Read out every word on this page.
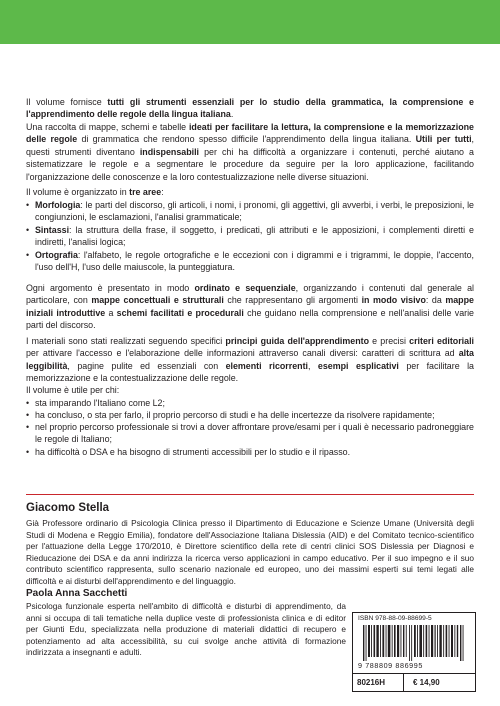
Il volume fornisce tutti gli strumenti essenziali per lo studio della grammatica, la comprensione e l'apprendimento delle regole della lingua italiana.

Una raccolta di mappe, schemi e tabelle ideati per facilitare la lettura, la comprensione e la memorizzazione delle regole di grammatica che rendono spesso difficile l'apprendimento della lingua italiana. Utili per tutti, questi strumenti diventano indispensabili per chi ha difficoltà a organizzare i contenuti, perché aiutano a sistematizzare le regole e a segmentare le procedure da seguire per la loro applicazione, facilitando l'organizzazione delle conoscenze e la loro contestualizzazione nelle diverse situazioni.

Il volume è organizzato in tre aree:

• Morfologia: le parti del discorso, gli articoli, i nomi, i pronomi, gli aggettivi, gli avverbi, i verbi, le preposizioni, le congiunzioni, le esclamazioni, l'analisi grammaticale;
• Sintassi: la struttura della frase, il soggetto, i predicati, gli attributi e le apposizioni, i complementi diretti e indiretti, l'analisi logica;
• Ortografia: l'alfabeto, le regole ortografiche e le eccezioni con i digrammi e i trigrammi, le doppie, l'accento, l'uso dell'H, l'uso delle maiuscole, la punteggiatura.

Ogni argomento è presentato in modo ordinato e sequenziale, organizzando i contenuti dal generale al particolare, con mappe concettuali e strutturali che rappresentano gli argomenti in modo visivo: da mappe iniziali introduttive a schemi facilitati e procedurali che guidano nella comprensione e nell'analisi delle varie parti del discorso.

I materiali sono stati realizzati seguendo specifici principi guida dell'apprendimento e precisi criteri editoriali per attivare l'accesso e l'elaborazione delle informazioni attraverso canali diversi: caratteri di scrittura ad alta leggibilità, pagine pulite ed essenziali con elementi ricorrenti, esempi esplicativi per facilitare la memorizzazione e la contestualizzazione delle regole.

Il volume è utile per chi:

• sta imparando l'Italiano come L2;
• ha concluso, o sta per farlo, il proprio percorso di studi e ha delle incertezze da risolvere rapidamente;
• nel proprio percorso professionale si trovi a dover affrontare prove/esami per i quali è necessario padroneggiare le regole di Italiano;
• ha difficoltà o DSA e ha bisogno di strumenti accessibili per lo studio e il ripasso.
Giacomo Stella

Già Professore ordinario di Psicologia Clinica presso il Dipartimento di Educazione e Scienze Umane (Università degli Studi di Modena e Reggio Emilia), fondatore dell'Associazione Italiana Dislessia (AID) e del Comitato tecnico-scientifico per l'attuazione della Legge 170/2010, è Direttore scientifico della rete di centri clinici SOS Dislessia per Diagnosi e Rieducazione dei DSA e da anni indirizza la ricerca verso applicazioni in campo educativo. Per il suo impegno e il suo contributo scientifico rappresenta, sullo scenario nazionale ed europeo, uno dei massimi esperti sui temi legati alle difficoltà e ai disturbi dell'apprendimento e del linguaggio.

Paola Anna Sacchetti

Psicologa funzionale esperta nell'ambito di difficoltà e disturbi di apprendimento, da anni si occupa di tali tematiche nella duplice veste di professionista clinica e di editor per Giunti Edu, specializzata nella produzione di materiali didattici di recupero e potenziamento ad alta accessibilità, su cui svolge anche attività di formazione indirizzata a insegnanti e adulti.

ISBN 978-88-09-88699-5
9 788809 886995
80216H	€ 14,90
